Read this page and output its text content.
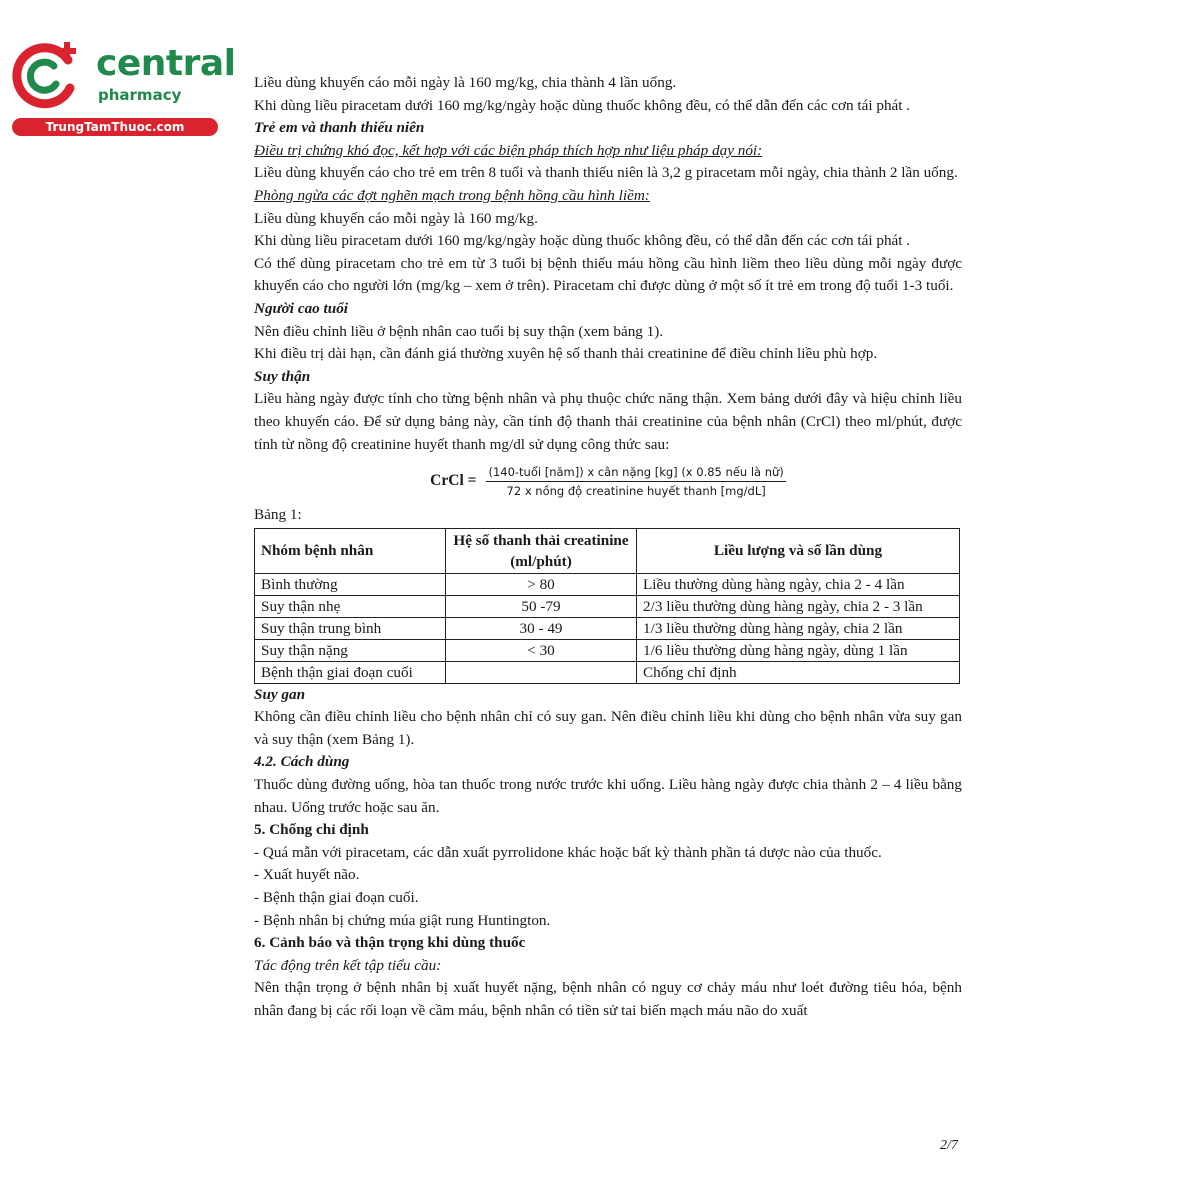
central
pharmacy
TrungTamThuoc.com

Liều dùng khuyến cáo mỗi ngày là 160 mg/kg, chia thành 4 lần uống.

Khi dùng liều piracetam dưới 160 mg/kg/ngày hoặc dùng thuốc không đều, có thể dẫn đến các cơn tái phát .

Trẻ em và thanh thiếu niên

Điều trị chứng khó đọc, kết hợp với các biện pháp thích hợp như liệu pháp dạy nói:

Liều dùng khuyến cáo cho trẻ em trên 8 tuổi và thanh thiếu niên là 3,2 g piracetam mỗi ngày, chia thành 2 lần uống.

Phòng ngừa các đợt nghẽn mạch trong bệnh hồng cầu hình liềm:

Liều dùng khuyến cáo mỗi ngày là 160 mg/kg.

Khi dùng liều piracetam dưới 160 mg/kg/ngày hoặc dùng thuốc không đều, có thể dẫn đến các cơn tái phát .

Có thể dùng piracetam cho trẻ em từ 3 tuổi bị bệnh thiếu máu hồng cầu hình liềm theo liều dùng mỗi ngày được khuyến cáo cho người lớn (mg/kg – xem ở trên). Piracetam chỉ được dùng ở một số ít trẻ em trong độ tuổi 1-3 tuổi.

Người cao tuổi

Nên điều chỉnh liều ở bệnh nhân cao tuổi bị suy thận (xem bảng 1).

Khi điều trị dài hạn, cần đánh giá thường xuyên hệ số thanh thải creatinine để điều chỉnh liều phù hợp.

Suy thận

Liều hàng ngày được tính cho từng bệnh nhân và phụ thuộc chức năng thận. Xem bảng dưới đây và hiệu chỉnh liều theo khuyến cáo. Để sử dụng bảng này, cần tính độ thanh thải creatinine của bệnh nhân (CrCl) theo ml/phút, được tính từ nồng độ creatinine huyết thanh mg/dl sử dụng công thức sau:

CrCl = $\frac{\text{(140-tuổi [năm]) x cân nặng [kg] (x 0.85 nếu là nữ)}}{\text{72 x nồng độ creatinine huyết thanh [mg/dL]}}$

Bảng 1:

Nhóm bệnh nhân	Hệ số thanh thải creatinine (ml/phút)	Liều lượng và số lần dùng
Bình thường	> 80	Liều thường dùng hàng ngày, chia 2 - 4 lần
Suy thận nhẹ	50 -79	2/3 liều thường dùng hàng ngày, chia 2 - 3 lần
Suy thận trung bình	30 - 49	1/3 liều thường dùng hàng ngày, chia 2 lần
Suy thận nặng	< 30	1/6 liều thường dùng hàng ngày, dùng 1 lần
Bệnh thận giai đoạn cuối		Chống chỉ định

Suy gan

Không cần điều chỉnh liều cho bệnh nhân chỉ có suy gan. Nên điều chỉnh liều khi dùng cho bệnh nhân vừa suy gan và suy thận (xem Bảng 1).

4.2. Cách dùng

Thuốc dùng đường uống, hòa tan thuốc trong nước trước khi uống. Liều hàng ngày được chia thành 2 – 4 liều bằng nhau. Uống trước hoặc sau ăn.

5. Chống chỉ định

- Quá mẫn với piracetam, các dẫn xuất pyrrolidone khác hoặc bất kỳ thành phần tá dược nào của thuốc.

- Xuất huyết não.

- Bệnh thận giai đoạn cuối.

- Bệnh nhân bị chứng múa giật rung Huntington.

6. Cảnh báo và thận trọng khi dùng thuốc

Tác động trên kết tập tiểu cầu:

Nên thận trọng ở bệnh nhân bị xuất huyết nặng, bệnh nhân có nguy cơ chảy máu như loét đường tiêu hóa, bệnh nhân đang bị các rối loạn về cầm máu, bệnh nhân có tiền sử tai biến mạch máu não do xuất

2/7
